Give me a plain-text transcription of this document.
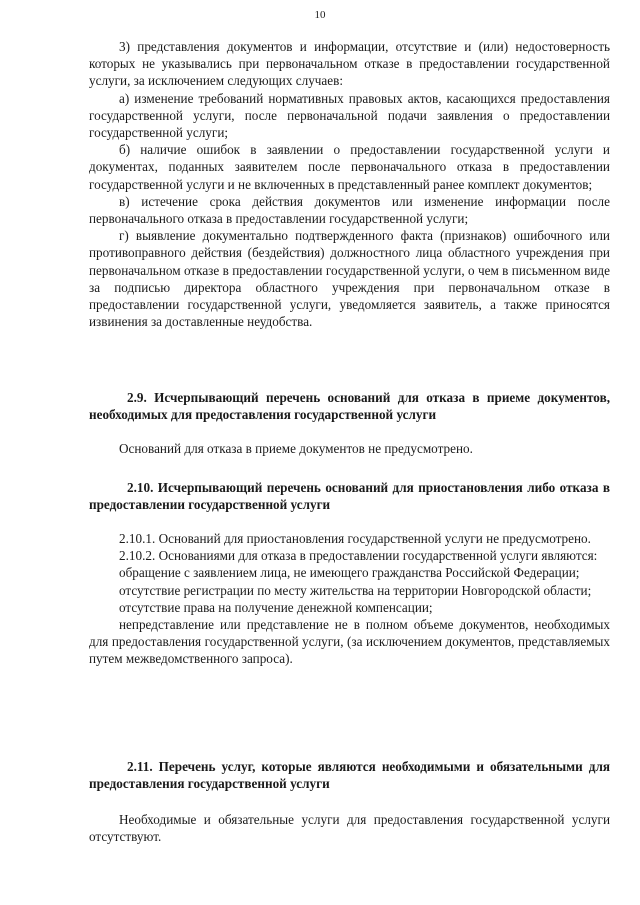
10

3) представления документов и информации, отсутствие и (или) недостоверность которых не указывались при первоначальном отказе в предоставлении государственной услуги, за исключением следующих случаев:

а) изменение требований нормативных правовых актов, касающихся предоставления государственной услуги, после первоначальной подачи заявления о предоставлении государственной услуги;

б) наличие ошибок в заявлении о предоставлении государственной услуги и документах, поданных заявителем после первоначального отказа в предоставлении государственной услуги и не включенных в представленный ранее комплект документов;

в) истечение срока действия документов или изменение информации после первоначального отказа в предоставлении государственной услуги;

г) выявление документально подтвержденного факта (признаков) ошибочного или противоправного действия (бездействия) должностного лица областного учреждения при первоначальном отказе в предоставлении государственной услуги, о чем в письменном виде за подписью директора областного учреждения при первоначальном отказе в предоставлении государственной услуги, уведомляется заявитель, а также приносятся извинения за доставленные неудобства.

2.9. Исчерпывающий перечень оснований для отказа в приеме документов, необходимых для предоставления государственной услуги

Оснований для отказа в приеме документов не предусмотрено.

2.10. Исчерпывающий перечень оснований для приостановления либо отказа в предоставлении государственной услуги

2.10.1. Оснований для приостановления государственной услуги не предусмотрено.

2.10.2. Основаниями для отказа в предоставлении государственной услуги являются:

обращение с заявлением лица, не имеющего гражданства Российской Федерации;

отсутствие регистрации по месту жительства на территории Новгородской области;

отсутствие права на получение денежной компенсации;

непредставление или представление не в полном объеме документов, необходимых для предоставления государственной услуги, (за исключением документов, представляемых путем межведомственного запроса).

2.11. Перечень услуг, которые являются необходимыми и обязательными для предоставления государственной услуги

Необходимые и обязательные услуги для предоставления государственной услуги отсутствуют.
